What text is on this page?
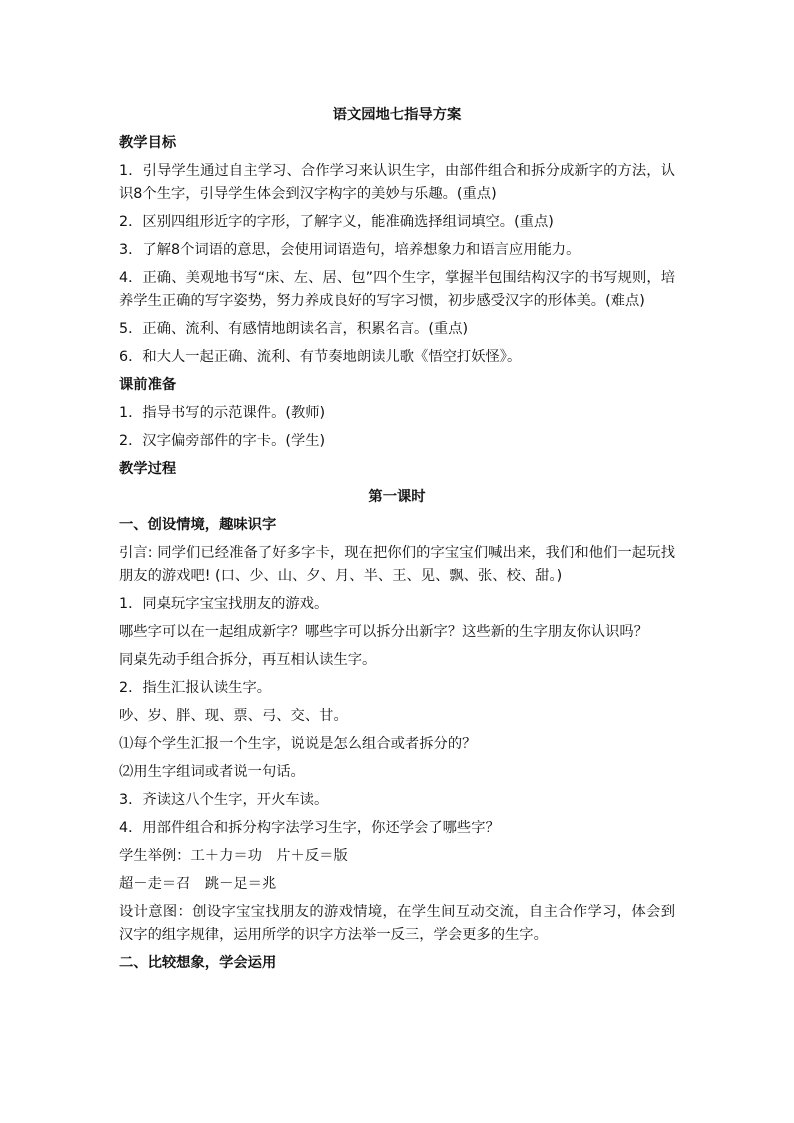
语文园地七指导方案
教学目标
1．引导学生通过自主学习、合作学习来认识生字，由部件组合和拆分成新字的方法，认识8个生字，引导学生体会到汉字构字的美妙与乐趣。(重点)
2．区别四组形近字的字形，了解字义，能准确选择组词填空。(重点)
3．了解8个词语的意思，会使用词语造句，培养想象力和语言应用能力。
4．正确、美观地书写“床、左、居、包”四个生字，掌握半包围结构汉字的书写规则，培养学生正确的写字姿势，努力养成良好的写字习惯，初步感受汉字的形体美。(难点)
5．正确、流利、有感情地朗读名言，积累名言。(重点)
6．和大人一起正确、流利、有节奏地朗读儿歌《悟空打妖怪》。
课前准备
1．指导书写的示范课件。(教师)
2．汉字偏旁部件的字卡。(学生)
教学过程
第一课时
一、创设情境，趣味识字
引言: 同学们已经准备了好多字卡，现在把你们的字宝宝们喊出来，我们和他们一起玩找朋友的游戏吧! (口、少、山、夕、月、半、王、见、飘、张、校、甜。)
1．同桌玩字宝宝找朋友的游戏。
哪些字可以在一起组成新字？哪些字可以拆分出新字？这些新的生字朋友你认识吗？
同桌先动手组合拆分，再互相认读生字。
2．指生汇报认读生字。
吵、岁、胖、现、票、弓、交、甘。
⑴每个学生汇报一个生字，说说是怎么组合或者拆分的？
⑵用生字组词或者说一句话。
3．齐读这八个生字，开火车读。
4．用部件组合和拆分构字法学习生字，你还学会了哪些字？
学生举例：工＋力＝功　片＋反＝版
超－走＝召　跳－足＝兆
设计意图：创设字宝宝找朋友的游戏情境，在学生间互动交流，自主合作学习，体会到汉字的组字规律，运用所学的识字方法举一反三，学会更多的生字。
二、比较想象，学会运用
